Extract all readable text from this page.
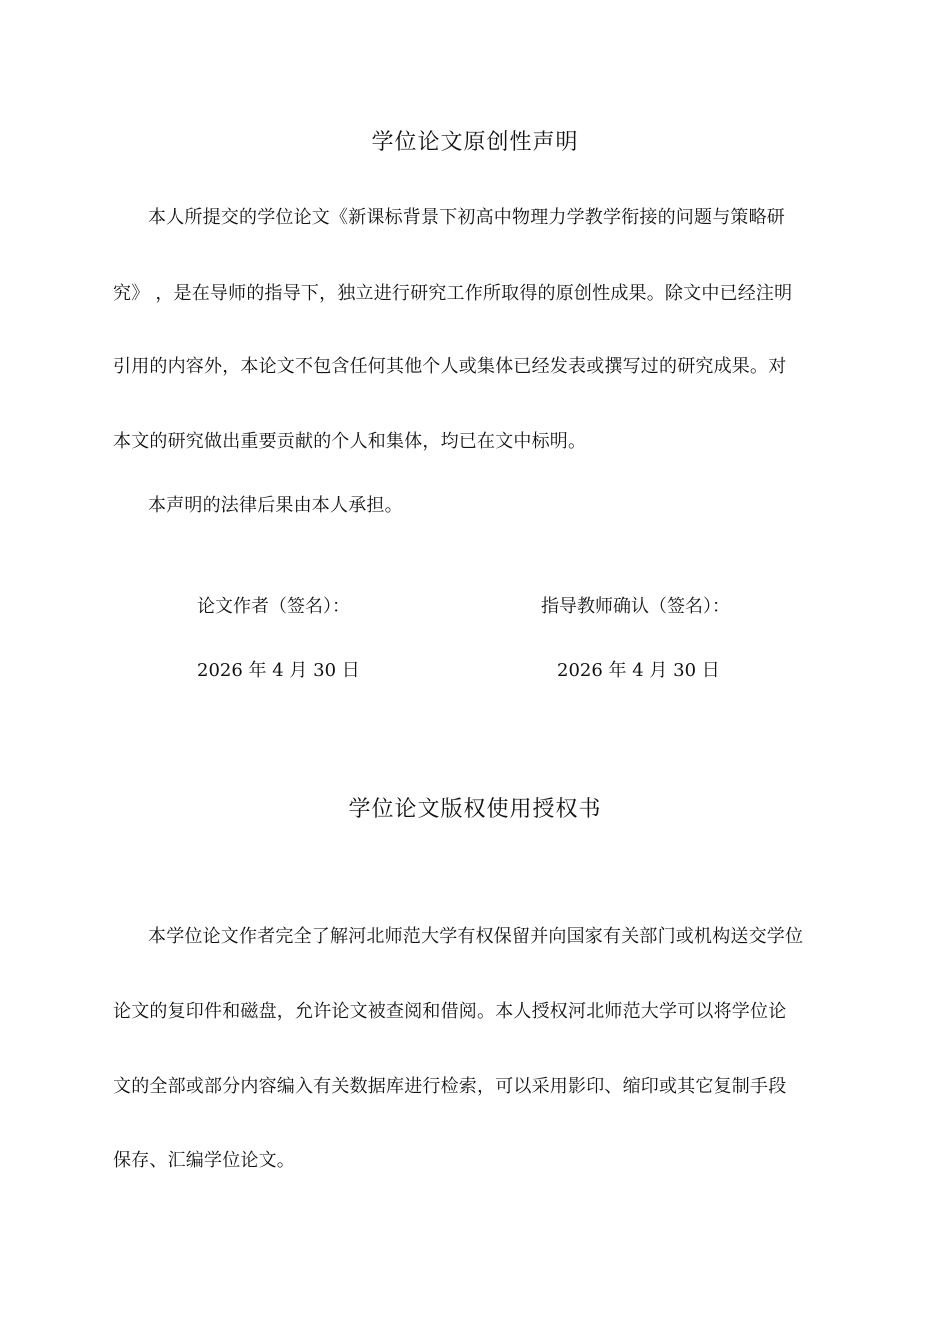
学位论文原创性声明
本人所提交的学位论文《新课标背景下初高中物理力学教学衔接的问题与策略研
究》 ，是在导师的指导下，独立进行研究工作所取得的原创性成果。除文中已经注明
引用的内容外，本论文不包含任何其他个人或集体已经发表或撰写过的研究成果。对
本文的研究做出重要贡献的个人和集体，均已在文中标明。
本声明的法律后果由本人承担。
论文作者（签名）：	指导教师确认（签名）：
2026 年 4 月 30 日	2026 年 4 月 30 日
学位论文版权使用授权书
本学位论文作者完全了解河北师范大学有权保留并向国家有关部门或机构送交学位
论文的复印件和磁盘，允许论文被查阅和借阅。本人授权河北师范大学可以将学位论
文的全部或部分内容编入有关数据库进行检索，可以采用影印、缩印或其它复制手段
保存、汇编学位论文。
